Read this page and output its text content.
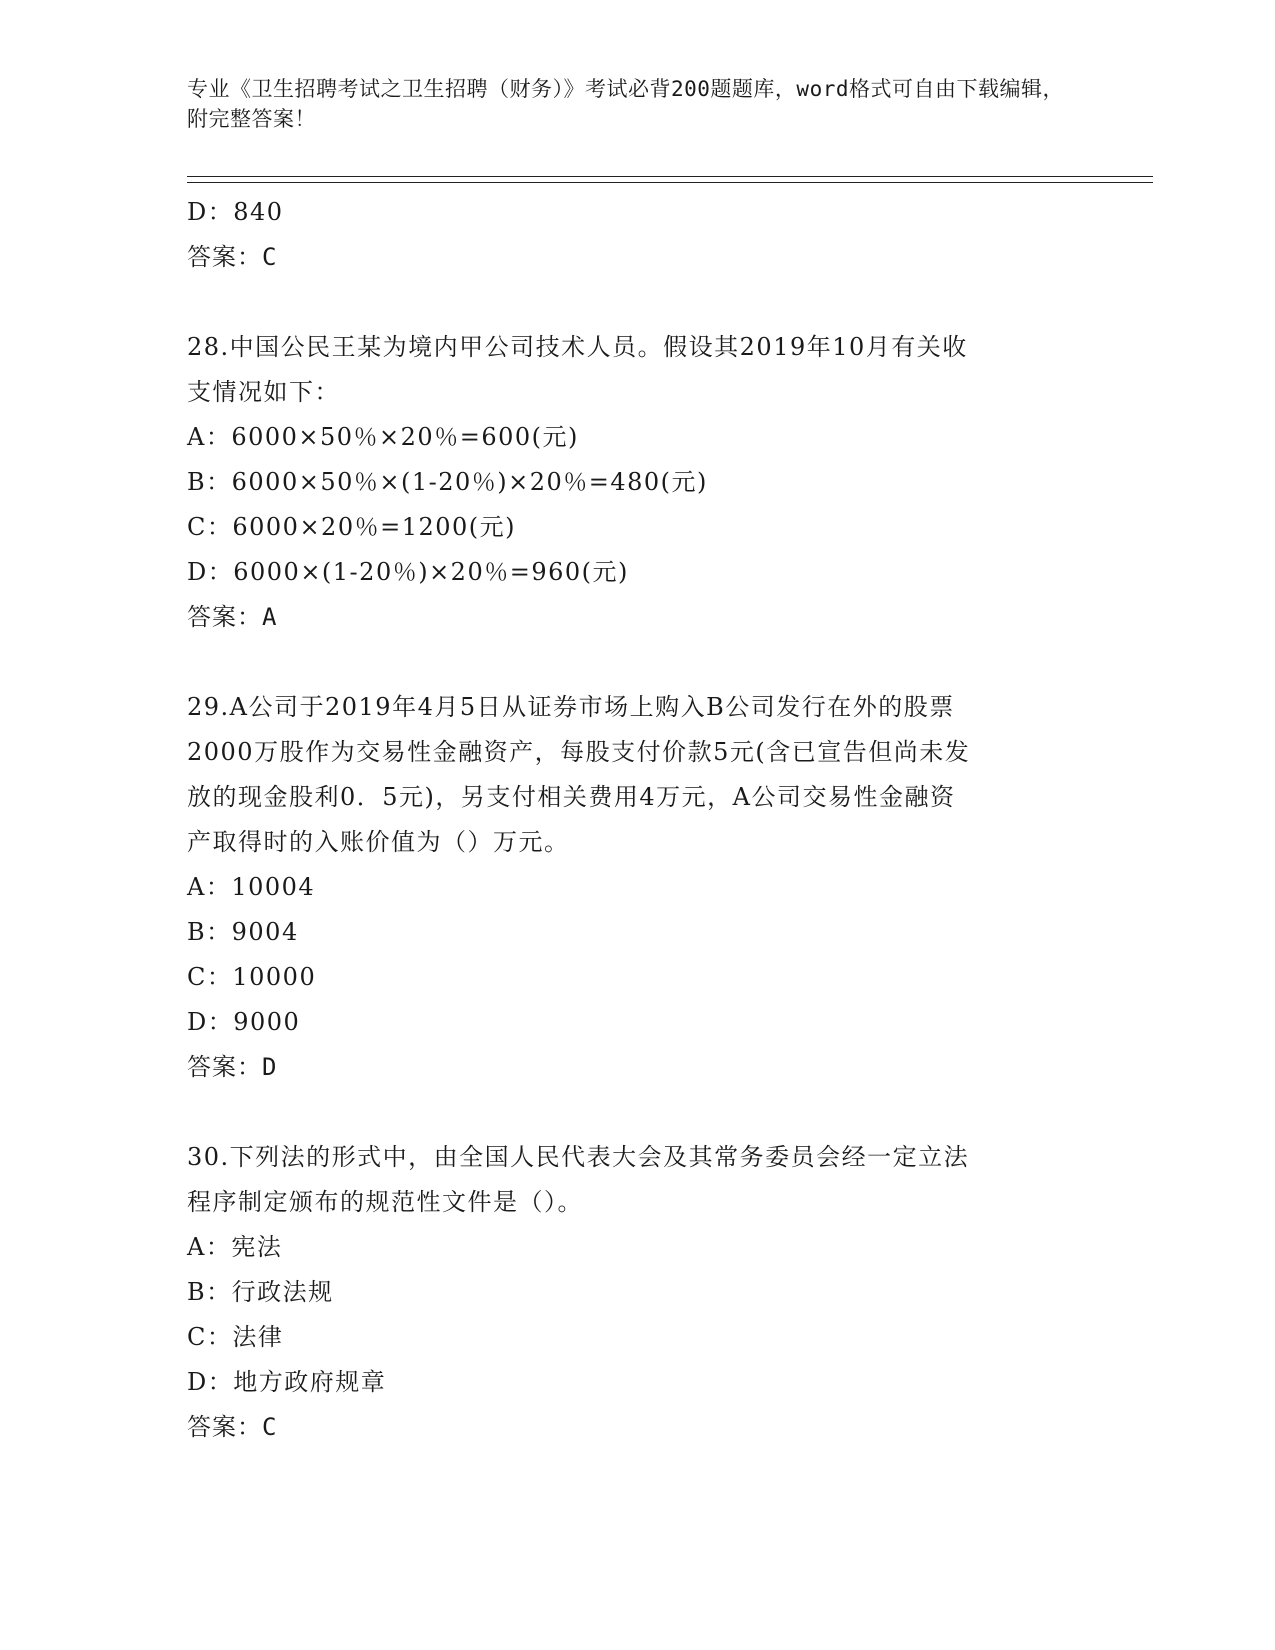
专业《卫生招聘考试之卫生招聘（财务）》考试必背200题题库，word格式可自由下载编辑，附完整答案！
D：840
答案：C
28.中国公民王某为境内甲公司技术人员。假设其2019年10月有关收
支情况如下：
A：6000×50％×20％=600(元)
B：6000×50％×(1-20％)×20％=480(元)
C：6000×20％=1200(元)
D：6000×(1-20％)×20％=960(元)
答案：A
29.A公司于2019年4月5日从证券市场上购入B公司发行在外的股票
2000万股作为交易性金融资产，每股支付价款5元(含已宣告但尚未发
放的现金股利0．5元)，另支付相关费用4万元，A公司交易性金融资
产取得时的入账价值为（）万元。
A：10004
B：9004
C：10000
D：9000
答案：D
30.下列法的形式中，由全国人民代表大会及其常务委员会经一定立法
程序制定颁布的规范性文件是（）。
A：宪法
B：行政法规
C：法律
D：地方政府规章
答案：C
